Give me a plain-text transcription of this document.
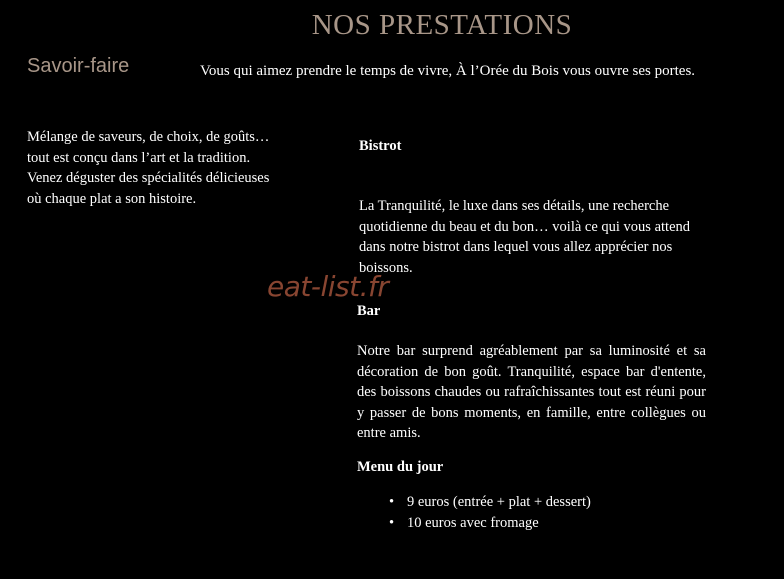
NOS PRESTATIONS
Savoir-faire	Vous qui aimez prendre le temps de vivre, À l’Orée du Bois vous ouvre ses portes.

Mélange de saveurs, de choix, de goûts… tout est conçu dans l’art et la tradition. Venez déguster des spécialités délicieuses où chaque plat a son histoire.

eat-list.fr

Bistrot

La Tranquilité, le luxe dans ses détails, une recherche quotidienne du beau et du bon… voilà ce qui vous attend dans notre bistrot dans lequel vous allez apprécier nos boissons.

Bar

Notre bar surprend agréablement par sa luminosité et sa décoration de bon goût. Tranquilité, espace bar d'entente, des boissons chaudes ou rafraîchissantes tout est réuni pour y passer de bons moments, en famille, entre collègues ou entre amis.

Menu du jour

• 9 euros (entrée + plat + dessert)
• 10 euros avec fromage
